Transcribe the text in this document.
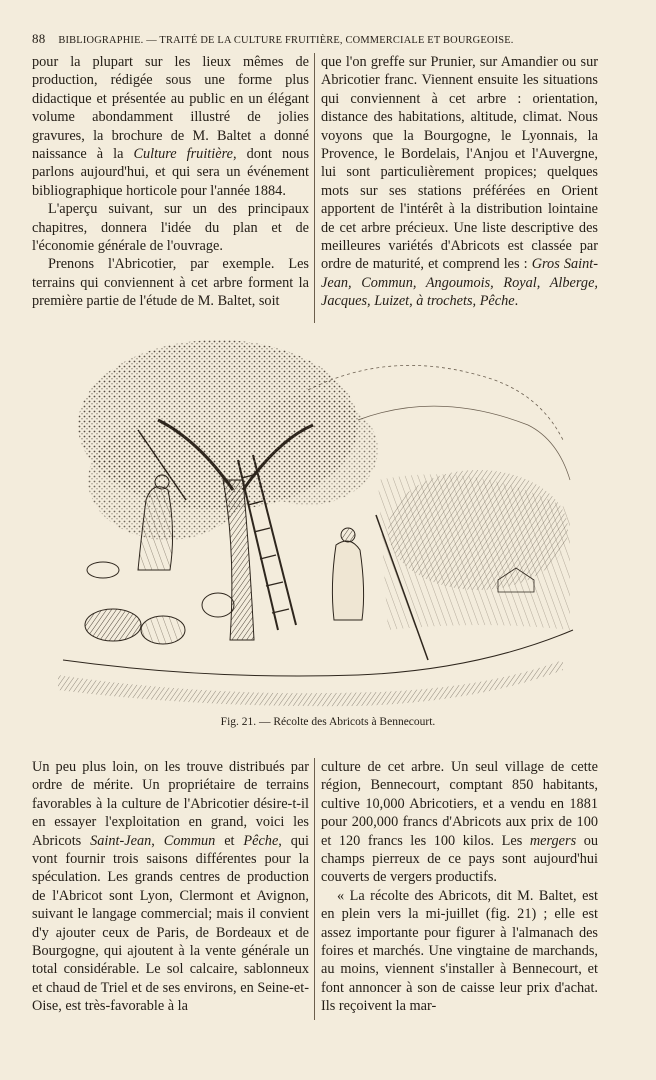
88 BIBLIOGRAPHIE. — TRAITÉ DE LA CULTURE FRUITIÈRE, COMMERCIALE ET BOURGEOISE.

pour la plupart sur les lieux mêmes de production, rédigée sous une forme plus didactique et présentée au public en un élégant volume abondamment illustré de jolies gravures, la brochure de M. Baltet a donné naissance à la Culture fruitière, dont nous parlons aujourd'hui, et qui sera un événement bibliographique horticole pour l'année 1884.

L'aperçu suivant, sur un des principaux chapitres, donnera l'idée du plan et de l'économie générale de l'ouvrage.

Prenons l'Abricotier, par exemple. Les terrains qui conviennent à cet arbre forment la première partie de l'étude de M. Baltet, soit

que l'on greffe sur Prunier, sur Amandier ou sur Abricotier franc. Viennent ensuite les situations qui conviennent à cet arbre : orientation, distance des habitations, altitude, climat. Nous voyons que la Bourgogne, le Lyonnais, la Provence, le Bordelais, l'Anjou et l'Auvergne, lui sont particulièrement propices; quelques mots sur ses stations préférées en Orient apportent de l'intérêt à la distribution lointaine de cet arbre précieux. Une liste descriptive des meilleures variétés d'Abricots est classée par ordre de maturité, et comprend les : Gros Saint-Jean, Commun, Angoumois, Royal, Alberge, Jacques, Luizet, à trochets, Pêche.

Fig. 21. — Récolte des Abricots à Bennecourt.

Un peu plus loin, on les trouve distribués par ordre de mérite. Un propriétaire de terrains favorables à la culture de l'Abricotier désire-t-il en essayer l'exploitation en grand, voici les Abricots Saint-Jean, Commun et Pêche, qui vont fournir trois saisons différentes pour la spéculation. Les grands centres de production de l'Abricot sont Lyon, Clermont et Avignon, suivant le langage commercial; mais il convient d'y ajouter ceux de Paris, de Bordeaux et de Bourgogne, qui ajoutent à la vente générale un total considérable. Le sol calcaire, sablonneux et chaud de Triel et de ses environs, en Seine-et-Oise, est très-favorable à la

culture de cet arbre. Un seul village de cette région, Bennecourt, comptant 850 habitants, cultive 10,000 Abricotiers, et a vendu en 1881 pour 200,000 francs d'Abricots aux prix de 100 et 120 francs les 100 kilos. Les mergers ou champs pierreux de ce pays sont aujourd'hui couverts de vergers productifs.

« La récolte des Abricots, dit M. Baltet, est en plein vers la mi-juillet (fig. 21) ; elle est assez importante pour figurer à l'almanach des foires et marchés. Une vingtaine de marchands, au moins, viennent s'installer à Bennecourt, et font annoncer à son de caisse leur prix d'achat. Ils reçoivent la mar-
